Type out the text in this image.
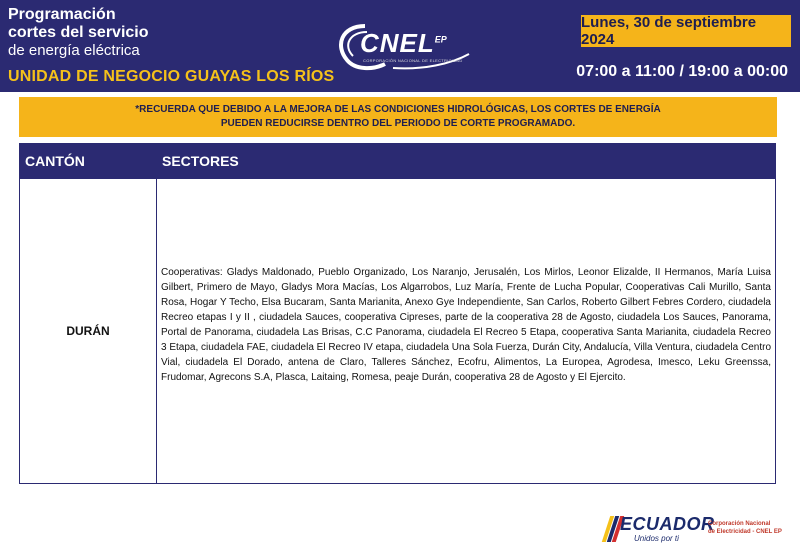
Programación
cortes del servicio
de energía eléctrica
UNIDAD DE NEGOCIO GUAYAS LOS RÍOS
$CNEL^{EP}$
CORPORACIÓN NACIONAL DE ELECTRICIDAD
Lunes, 30 de septiembre 2024
07:00 a 11:00 / 19:00 a 00:00
*RECUERDA QUE DEBIDO A LA MEJORA DE LAS CONDICIONES HIDROLÓGICAS, LOS CORTES DE ENERGÍA
PUEDEN REDUCIRSE DENTRO DEL PERIODO DE CORTE PROGRAMADO.
CANTÓN	SECTORES
DURÁN
Cooperativas: Gladys Maldonado, Pueblo Organizado, Los Naranjo, Jerusalén, Los Mirlos, Leonor Elizalde, II Hermanos, María Luisa Gilbert, Primero de Mayo, Gladys Mora Macías, Los Algarrobos, Luz María, Frente de Lucha Popular, Cooperativas Cali Murillo, Santa Rosa, Hogar Y Techo, Elsa Bucaram, Santa Marianita, Anexo Gye Independiente, San Carlos, Roberto Gilbert Febres Cordero, ciudadela Recreo etapas I y II , ciudadela Sauces, cooperativa Cipreses, parte de la cooperativa 28 de Agosto, ciudadela Los Sauces, Panorama, Portal de Panorama, ciudadela Las Brisas, C.C Panorama, ciudadela El Recreo 5 Etapa, cooperativa Santa Marianita, ciudadela Recreo 3 Etapa, ciudadela FAE, ciudadela El Recreo IV etapa, ciudadela Una Sola Fuerza, Durán City, Andalucía, Villa Ventura, ciudadela Centro Vial, ciudadela El Dorado, antena de Claro, Talleres Sánchez, Ecofru, Alimentos, La Europea, Agrodesa, Imesco, Leku Greenssa, Frudomar, Agrecons S.A, Plasca, Laitaing, Romesa, peaje Durán, cooperativa 28 de Agosto y El Ejercito.
ECUADOR
Unidos por ti
Corporación Nacional
de Electricidad - CNEL EP
